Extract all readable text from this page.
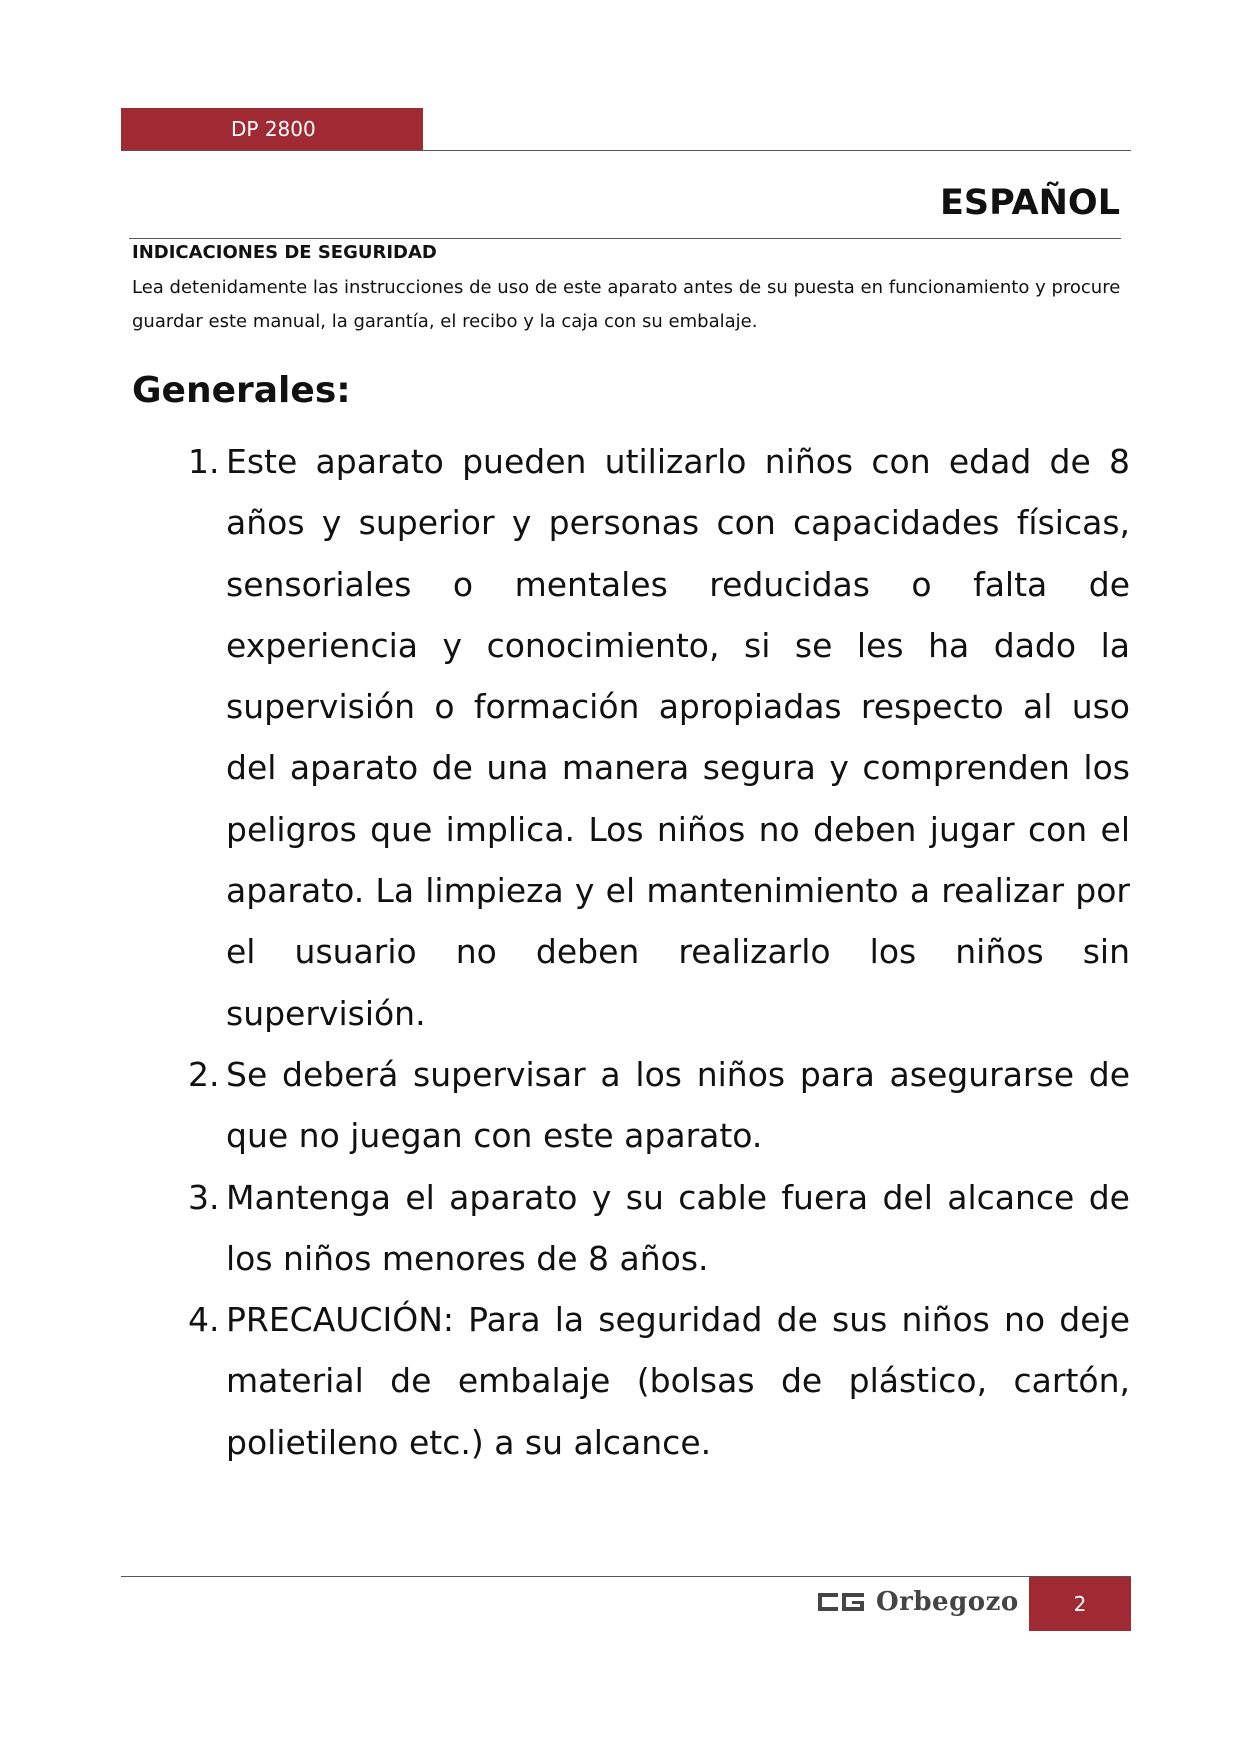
DP 2800
ESPAÑOL
INDICACIONES DE SEGURIDAD

Lea detenidamente las instrucciones de uso de este aparato antes de su puesta en funcionamiento y procure guardar este manual, la garantía, el recibo y la caja con su embalaje.

Generales:
1. Este aparato pueden utilizarlo niños con edad de 8 años y superior y personas con capacidades físicas, sensoriales o mentales reducidas o falta de experiencia y conocimiento, si se les ha dado la supervisión o formación apropiadas respecto al uso del aparato de una manera segura y comprenden los peligros que implica. Los niños no deben jugar con el aparato. La limpieza y el mantenimiento a realizar por el usuario no deben realizarlo los niños sin supervisión.
2. Se deberá supervisar a los niños para asegurarse de que no juegan con este aparato.
3. Mantenga el aparato y su cable fuera del alcance de los niños menores de 8 años.
4. PRECAUCIÓN: Para la seguridad de sus niños no deje material de embalaje (bolsas de plástico, cartón, polietileno etc.) a su alcance.
Orbegozo	2
